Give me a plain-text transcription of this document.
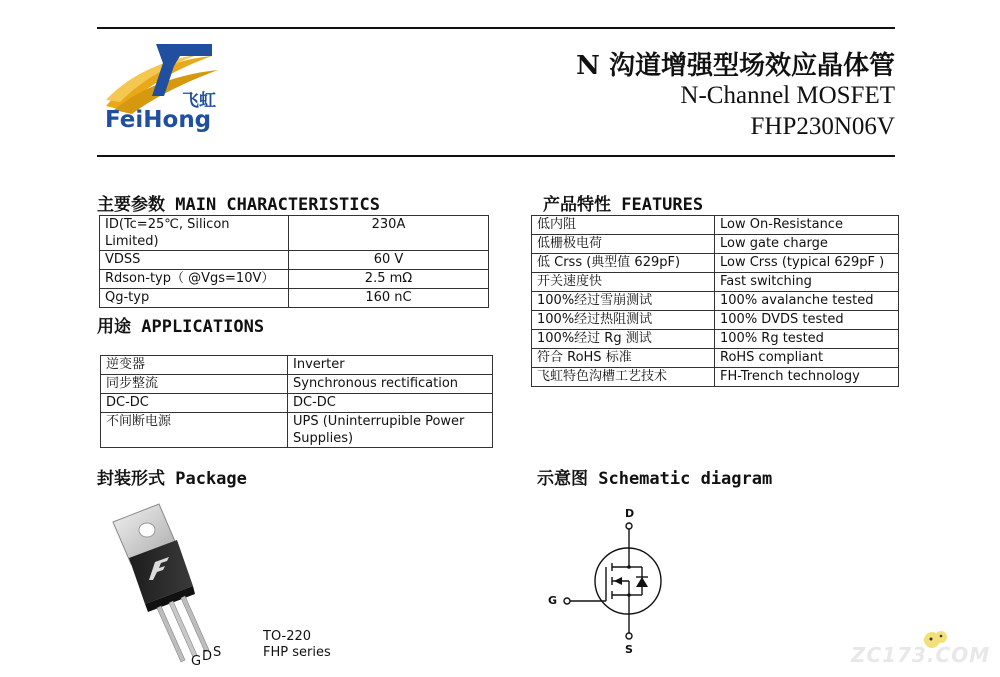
飞虹
FeiHong
N 沟道增强型场效应晶体管
N-Channel MOSFET
FHP230N06V
主要参数 MAIN CHARACTERISTICS
ID(Tc=25℃, Silicon Limited)	230A
VDSS	60 V
Rdson-typ（ @Vgs=10V）	2.5 mΩ
Qg-typ	160 nC
产品特性 FEATURES
低内阻	Low On-Resistance
低栅极电荷	Low gate charge
低 Crss (典型值 629pF)	Low Crss (typical 629pF )
开关速度快	Fast switching
100%经过雪崩测试	100% avalanche tested
100%经过热阻测试	100% DVDS tested
100%经过 Rg 测试	100% Rg tested
符合 RoHS 标准	RoHS compliant
飞虹特色沟槽工艺技术	FH-Trench technology
用途 APPLICATIONS
逆变器	Inverter
同步整流	Synchronous rectification
DC-DC	DC-DC
不间断电源	UPS (Uninterrupible Power Supplies)
封装形式 Package
G D S
TO-220
FHP series
示意图 Schematic diagram
D
G
S	ZC173.COM
